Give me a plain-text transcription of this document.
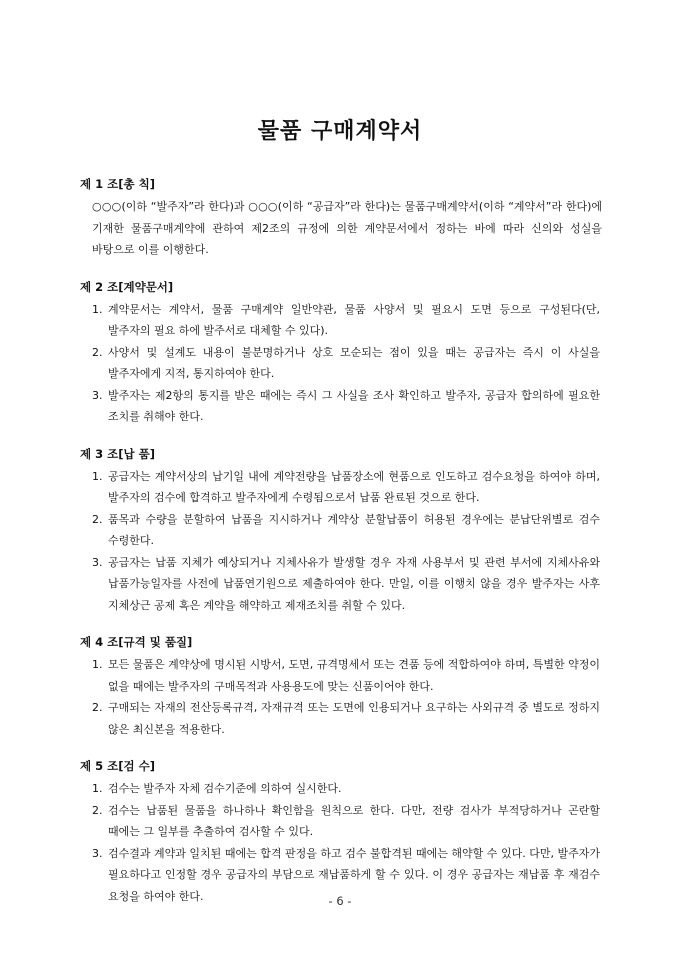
물품 구매계약서
제 1 조[총 칙]

○○○(이하 “발주자”라 한다)과 ○○○(이하 “공급자”라 한다)는 물품구매계약서(이하 “계약서”라 한다)에 기재한 물품구매계약에 관하여 제2조의 규정에 의한 계약문서에서 정하는 바에 따라 신의와 성실을 바탕으로 이를 이행한다.

제 2 조[계약문서]
1. 계약문서는 계약서, 물품 구매계약 일반약관, 물품 사양서 및 필요시 도면 등으로 구성된다(단, 발주자의 필요 하에 발주서로 대체할 수 있다).
2. 사양서 및 설계도 내용이 불분명하거나 상호 모순되는 점이 있을 때는 공급자는 즉시 이 사실을 발주자에게 지적, 통지하여야 한다.
3. 발주자는 제2항의 통지를 받은 때에는 즉시 그 사실을 조사 확인하고 발주자, 공급자 합의하에 필요한 조치를 취해야 한다.
제 3 조[납 품]
1. 공급자는 계약서상의 납기일 내에 계약전량을 납품장소에 현품으로 인도하고 검수요청을 하여야 하며, 발주자의 검수에 합격하고 발주자에게 수령됨으로서 납품 완료된 것으로 한다.
2. 품목과 수량을 분할하여 납품을 지시하거나 계약상 분할납품이 허용된 경우에는 분납단위별로 검수 수령한다.
3. 공급자는 납품 지체가 예상되거나 지체사유가 발생할 경우 자재 사용부서 및 관련 부서에 지체사유와 납품가능일자를 사전에 납품연기원으로 제출하여야 한다. 만일, 이를 이행치 않을 경우 발주자는 사후 지체상근 공제 혹은 계약을 해약하고 제재조치를 취할 수 있다.
제 4 조[규격 및 품질]
1. 모든 물품은 계약상에 명시된 시방서, 도면, 규격명세서 또는 견품 등에 적합하여야 하며, 특별한 약정이 없을 때에는 발주자의 구매목적과 사용용도에 맞는 신품이어야 한다.
2. 구매되는 자재의 전산등록규격, 자재규격 또는 도면에 인용되거나 요구하는 사외규격 중 별도로 정하지 않은 최신본을 적용한다.
제 5 조[검 수]
1. 검수는 발주자 자체 검수기준에 의하여 실시한다.
2. 검수는 납품된 물품을 하나하나 확인함을 원칙으로 한다. 다만, 전량 검사가 부적당하거나 곤란할 때에는 그 일부를 추출하여 검사할 수 있다.
3. 검수결과 계약과 일치된 때에는 합격 판정을 하고 검수 불합격된 때에는 해약할 수 있다. 다만, 발주자가 필요하다고 인정할 경우 공급자의 부담으로 재납품하게 할 수 있다. 이 경우 공급자는 재납품 후 재검수 요청을 하여야 한다.	- 6 -
